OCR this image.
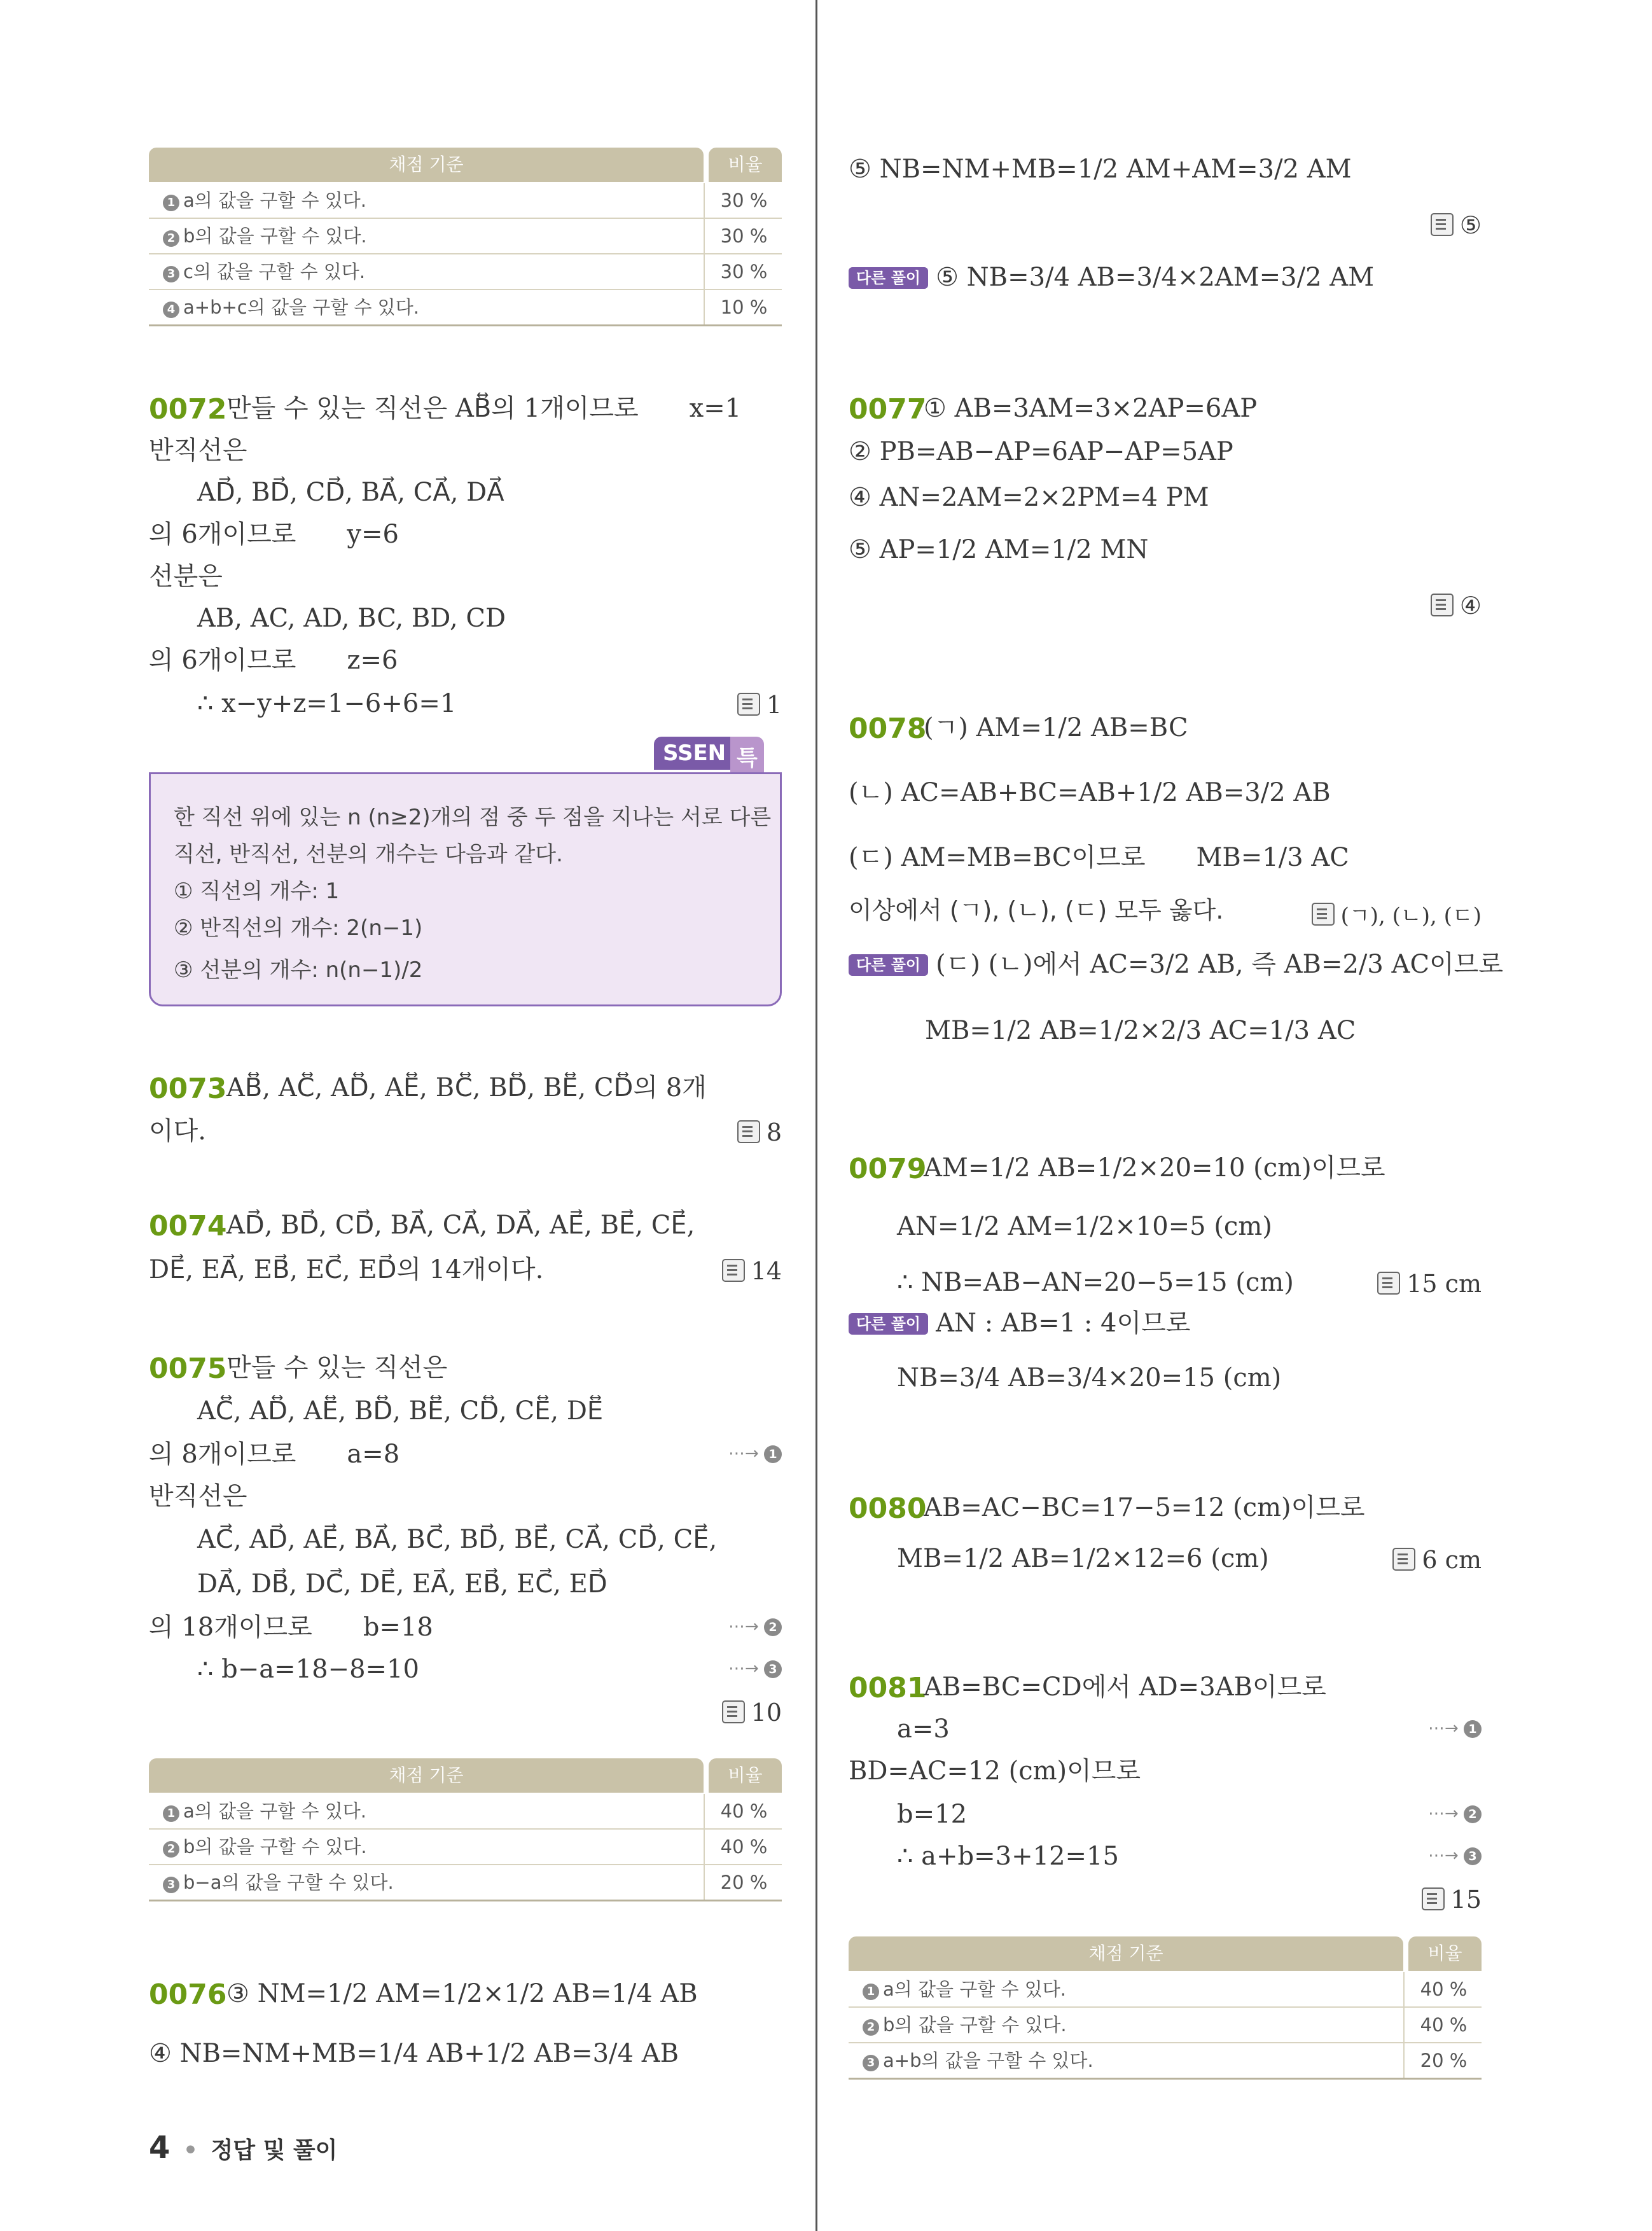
채점 기준	비율
1 a의 값을 구할 수 있다.	30 %
2 b의 값을 구할 수 있다.	30 %
3 c의 값을 구할 수 있다.	30 %
4 a+b+c의 값을 구할 수 있다.	10 %
0072 만들 수 있는 직선은 AB⃡의 1개이므로　　x=1
반직선은
AD⃗, BD⃗, CD⃗, BA⃗, CA⃗, DA⃗
의 6개이므로　　y=6
선분은
AB, AC, AD, BC, BD, CD
의 6개이므로　　z=6
∴ x−y+z=1−6+6=1	1
SSEN 특
한 직선 위에 있는 n (n≥2)개의 점 중 두 점을 지나는 서로 다른
직선, 반직선, 선분의 개수는 다음과 같다.
① 직선의 개수: 1
② 반직선의 개수: 2(n−1)
③ 선분의 개수: n(n−1)/2
0073 AB⃡, AC⃡, AD⃡, AE⃡, BC⃡, BD⃡, BE⃡, CD⃡의 8개
이다.	8
0074 AD⃗, BD⃗, CD⃗, BA⃗, CA⃗, DA⃗, AE⃗, BE⃗, CE⃗,
DE⃗, EA⃗, EB⃗, EC⃗, ED⃗의 14개이다.	14
0075 만들 수 있는 직선은
AC⃡, AD⃡, AE⃡, BD⃡, BE⃡, CD⃡, CE⃡, DE⃡
의 8개이므로　　a=8	⋯→ 1
반직선은
AC⃗, AD⃗, AE⃗, BA⃗, BC⃗, BD⃗, BE⃗, CA⃗, CD⃗, CE⃗,
DA⃗, DB⃗, DC⃗, DE⃗, EA⃗, EB⃗, EC⃗, ED⃗
의 18개이므로　　b=18	⋯→ 2
∴ b−a=18−8=10	⋯→ 3
10
채점 기준	비율
1 a의 값을 구할 수 있다.	40 %
2 b의 값을 구할 수 있다.	40 %
3 b−a의 값을 구할 수 있다.	20 %
0076 ③ NM=1/2 AM=1/2×1/2 AB=1/4 AB
④ NB=NM+MB=1/4 AB+1/2 AB=3/4 AB
⑤ NB=NM+MB=1/2 AM+AM=3/2 AM
⑤
다른 풀이 ⑤ NB=3/4 AB=3/4×2AM=3/2 AM
0077
① AB=3AM=3×2AP=6AP
② PB=AB−AP=6AP−AP=5AP
④ AN=2AM=2×2PM=4 PM
⑤ AP=1/2 AM=1/2 MN
④
0078
(ㄱ) AM=1/2 AB=BC
(ㄴ) AC=AB+BC=AB+1/2 AB=3/2 AB
(ㄷ) AM=MB=BC이므로　　MB=1/3 AC
이상에서 (ㄱ), (ㄴ), (ㄷ) 모두 옳다.	(ㄱ), (ㄴ), (ㄷ)
다른 풀이 (ㄷ) (ㄴ)에서 AC=3/2 AB, 즉 AB=2/3 AC이므로
MB=1/2 AB=1/2×2/3 AC=1/3 AC
0079
AM=1/2 AB=1/2×20=10 (cm)이므로
AN=1/2 AM=1/2×10=5 (cm)
∴ NB=AB−AN=20−5=15 (cm)	15 cm
다른 풀이 AN : AB=1 : 4이므로
NB=3/4 AB=3/4×20=15 (cm)
0080
AB=AC−BC=17−5=12 (cm)이므로
MB=1/2 AB=1/2×12=6 (cm)	6 cm
0081
AB=BC=CD에서 AD=3AB이므로
a=3	⋯→ 1
BD=AC=12 (cm)이므로
b=12	⋯→ 2
∴ a+b=3+12=15	⋯→ 3
15
채점 기준	비율
1 a의 값을 구할 수 있다.	40 %
2 b의 값을 구할 수 있다.	40 %
3 a+b의 값을 구할 수 있다.	20 %
4 • 정답 및 풀이
